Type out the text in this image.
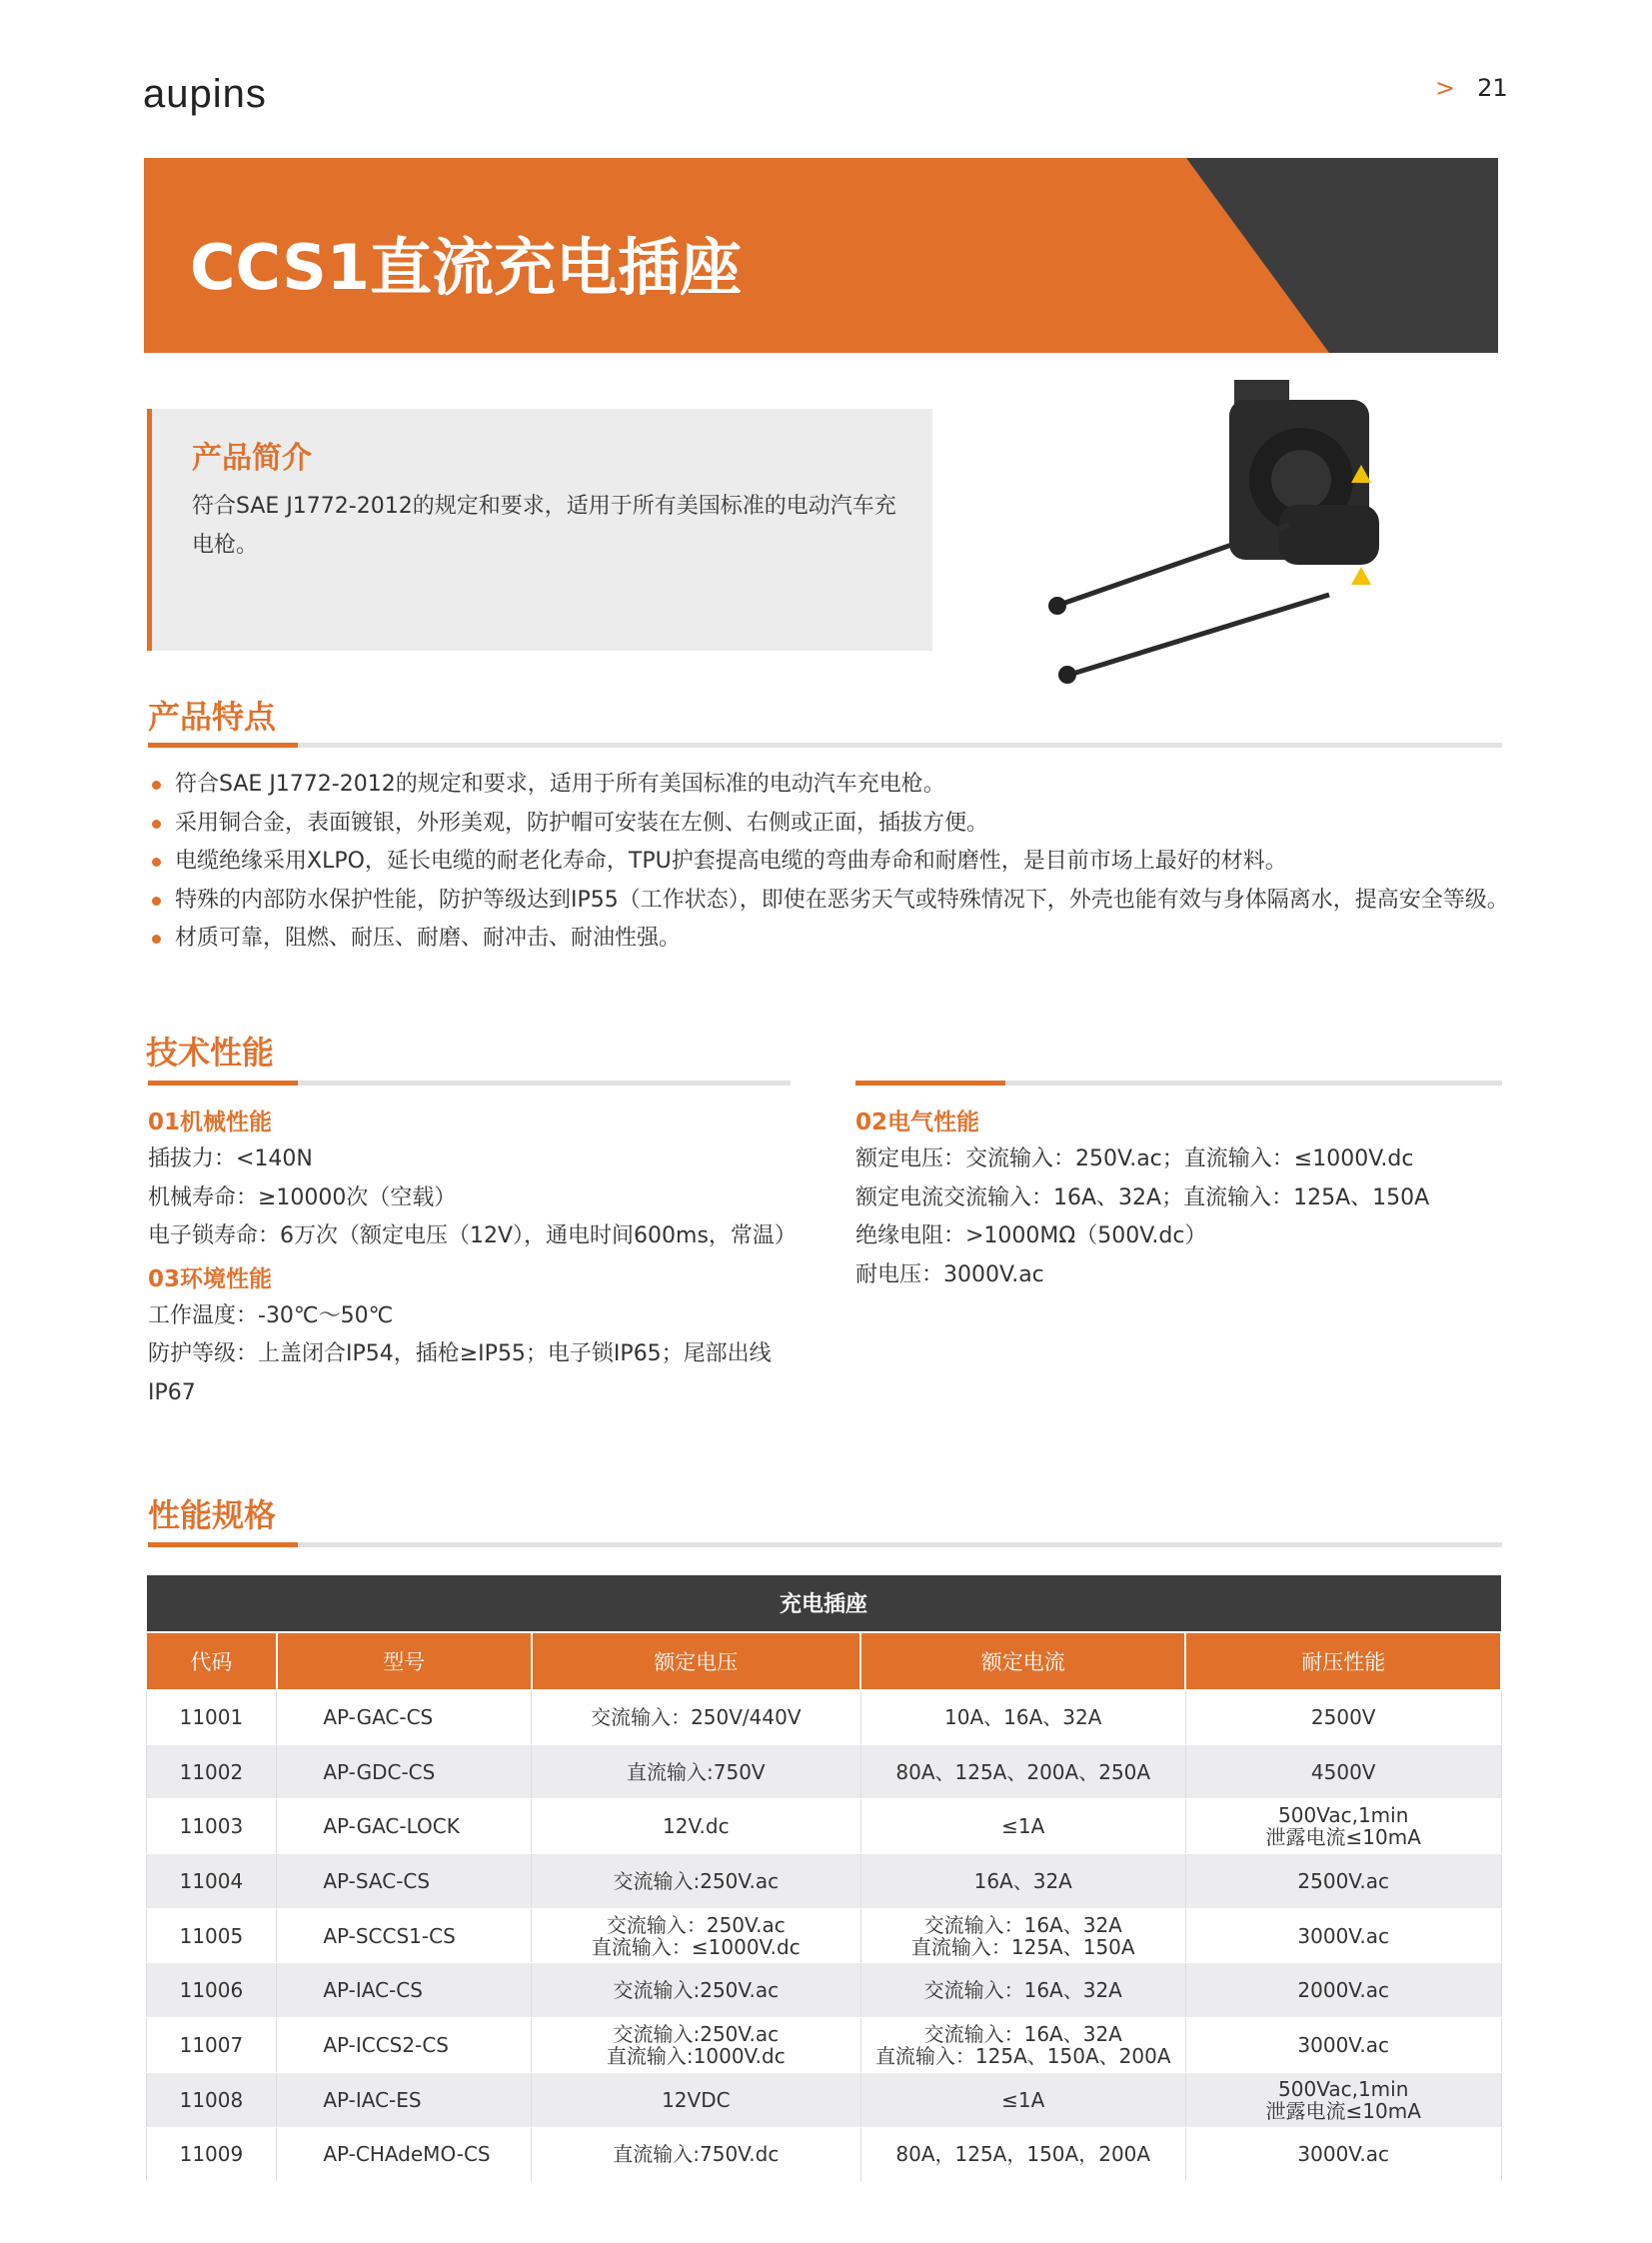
aupins	> 21
CCS1直流充电插座
产品简介

符合SAE J1772-2012的规定和要求，适用于所有美国标准的电动汽车充电枪。

产品特点
符合SAE J1772-2012的规定和要求，适用于所有美国标准的电动汽车充电枪。
采用铜合金，表面镀银，外形美观，防护帽可安装在左侧、右侧或正面，插拔方便。
电缆绝缘采用XLPO，延长电缆的耐老化寿命，TPU护套提高电缆的弯曲寿命和耐磨性，是目前市场上最好的材料。
特殊的内部防水保护性能，防护等级达到IP55（工作状态），即使在恶劣天气或特殊情况下，外壳也能有效与身体隔离水，提高安全等级。
材质可靠，阻燃、耐压、耐磨、耐冲击、耐油性强。
技术性能
01机械性能
插拔力：<140N
机械寿命：≥10000次（空载）
电子锁寿命：6万次（额定电压（12V），通电时间600ms，常温）
03环境性能
工作温度：-30℃～50℃
防护等级：上盖闭合IP54，插枪≥IP55；电子锁IP65；尾部出线IP67
02电气性能
额定电压：交流输入：250V.ac；直流输入：≤1000V.dc
额定电流交流输入：16A、32A；直流输入：125A、150A
绝缘电阻：>1000MΩ（500V.dc）
耐电压：3000V.ac
性能规格
充电插座				
代码	型号	额定电压	额定电流	耐压性能
11001	AP-GAC-CS	交流输入：250V/440V	10A、16A、32A	2500V

11002	AP-GDC-CS	直流输入:750V	80A、125A、200A、250A	4500V

11003	AP-GAC-LOCK	12V.dc	≤1A	500Vac,1min
泄露电流≤10mA

11004	AP-SAC-CS	交流输入:250V.ac	16A、32A	2500V.ac

11005	AP-SCCS1-CS	交流输入：250V.ac
直流输入：≤1000V.dc	交流输入：16A、32A
直流输入：125A、150A	3000V.ac

11006	AP-IAC-CS	交流输入:250V.ac	交流输入：16A、32A	2000V.ac

11007	AP-ICCS2-CS	交流输入:250V.ac
直流输入:1000V.dc	交流输入：16A、32A
直流输入：125A、150A、200A	3000V.ac

11008	AP-IAC-ES	12VDC	≤1A	500Vac,1min
泄露电流≤10mA

11009	AP-CHAdeMO-CS	直流输入:750V.dc	80A，125A，150A，200A	3000V.ac
